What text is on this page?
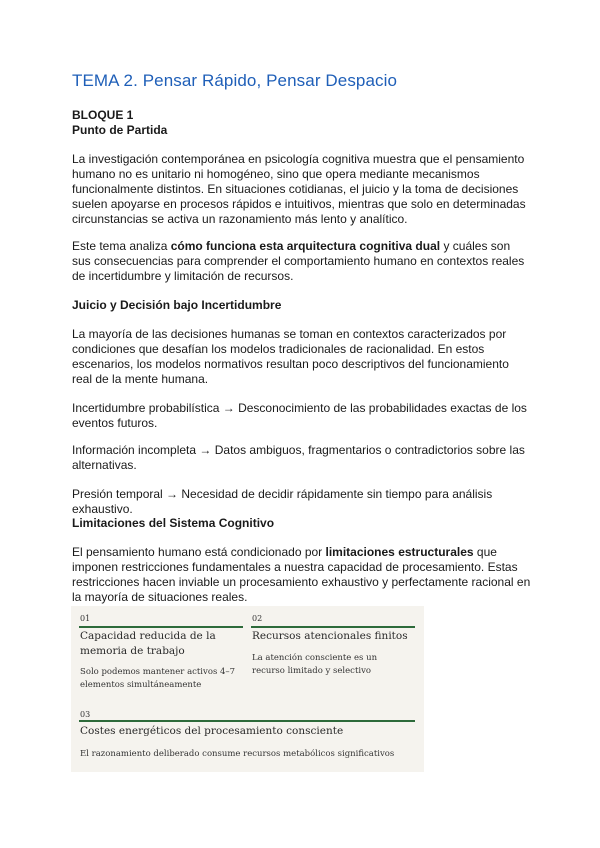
TEMA 2. Pensar Rápido, Pensar Despacio

BLOQUE 1

Punto de Partida

La investigación contemporánea en psicología cognitiva muestra que el pensamiento humano no es unitario ni homogéneo, sino que opera mediante mecanismos funcionalmente distintos. En situaciones cotidianas, el juicio y la toma de decisiones suelen apoyarse en procesos rápidos e intuitivos, mientras que solo en determinadas circunstancias se activa un razonamiento más lento y analítico.

Este tema analiza cómo funciona esta arquitectura cognitiva dual y cuáles son sus consecuencias para comprender el comportamiento humano en contextos reales de incertidumbre y limitación de recursos.

Juicio y Decisión bajo Incertidumbre

La mayoría de las decisiones humanas se toman en contextos caracterizados por condiciones que desafían los modelos tradicionales de racionalidad. En estos escenarios, los modelos normativos resultan poco descriptivos del funcionamiento real de la mente humana.

Incertidumbre probabilística → Desconocimiento de las probabilidades exactas de los eventos futuros.

Información incompleta → Datos ambiguos, fragmentarios o contradictorios sobre las alternativas.

Presión temporal → Necesidad de decidir rápidamente sin tiempo para análisis exhaustivo.

Limitaciones del Sistema Cognitivo

El pensamiento humano está condicionado por limitaciones estructurales que imponen restricciones fundamentales a nuestra capacidad de procesamiento. Estas restricciones hacen inviable un procesamiento exhaustivo y perfectamente racional en la mayoría de situaciones reales.

01
Capacidad reducida de la memoria de trabajo
Solo podemos mantener activos 4–7 elementos simultáneamente
02
Recursos atencionales finitos
La atención consciente es un recurso limitado y selectivo
03
Costes energéticos del procesamiento consciente
El razonamiento deliberado consume recursos metabólicos significativos
